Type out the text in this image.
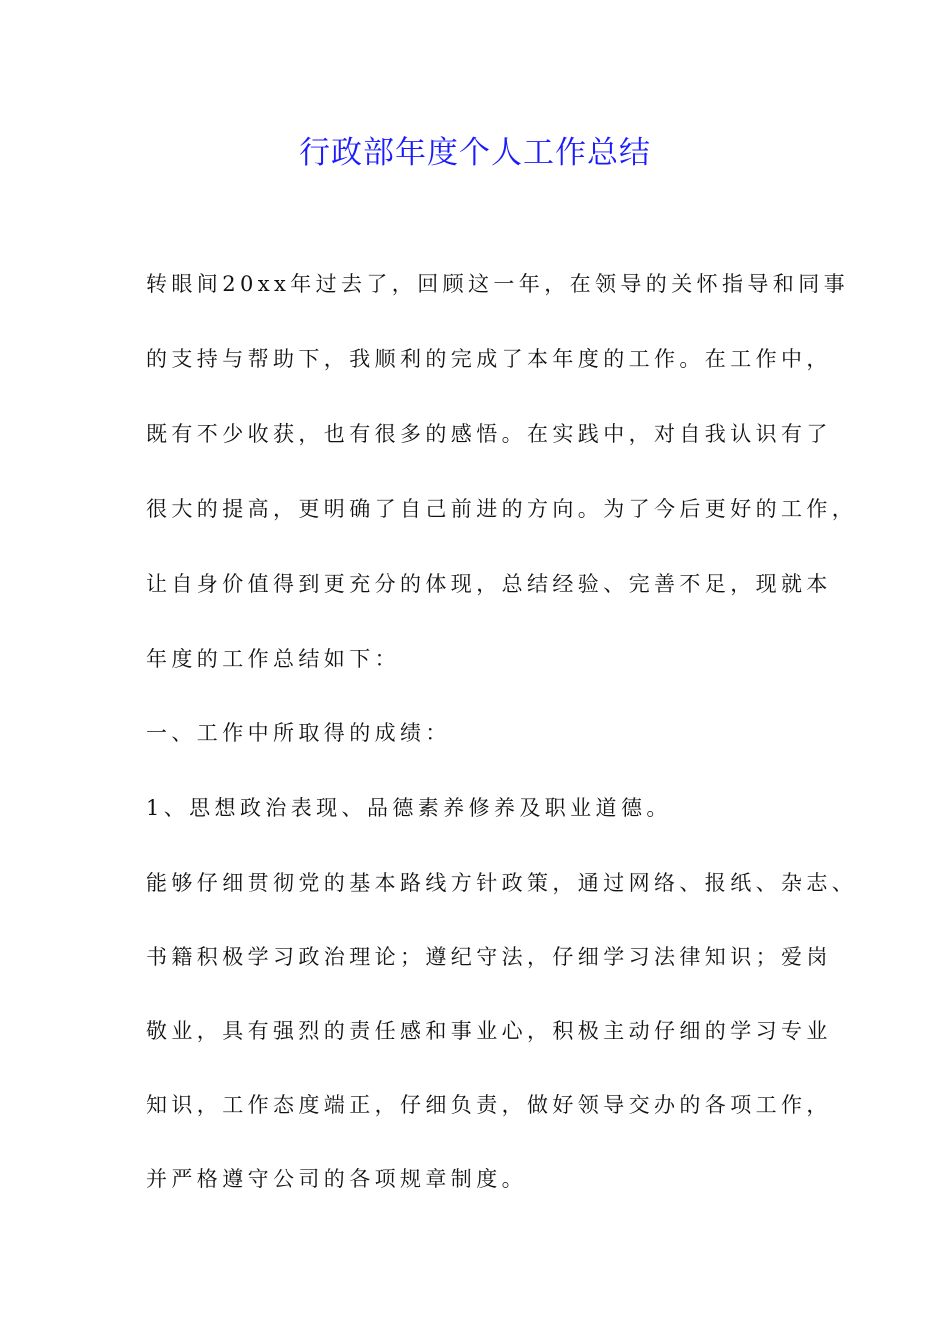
行政部年度个人工作总结
转眼间20xx年过去了，回顾这一年，在领导的关怀指导和同事
的支持与帮助下，我顺利的完成了本年度的工作。在工作中，
既有不少收获，也有很多的感悟。在实践中，对自我认识有了
很大的提高，更明确了自己前进的方向。为了今后更好的工作，
让自身价值得到更充分的体现，总结经验、完善不足，现就本
年度的工作总结如下：
一、工作中所取得的成绩：
1、思想政治表现、品德素养修养及职业道德。
能够仔细贯彻党的基本路线方针政策，通过网络、报纸、杂志、
书籍积极学习政治理论；遵纪守法，仔细学习法律知识；爱岗
敬业，具有强烈的责任感和事业心，积极主动仔细的学习专业
知识，工作态度端正，仔细负责，做好领导交办的各项工作，
并严格遵守公司的各项规章制度。
